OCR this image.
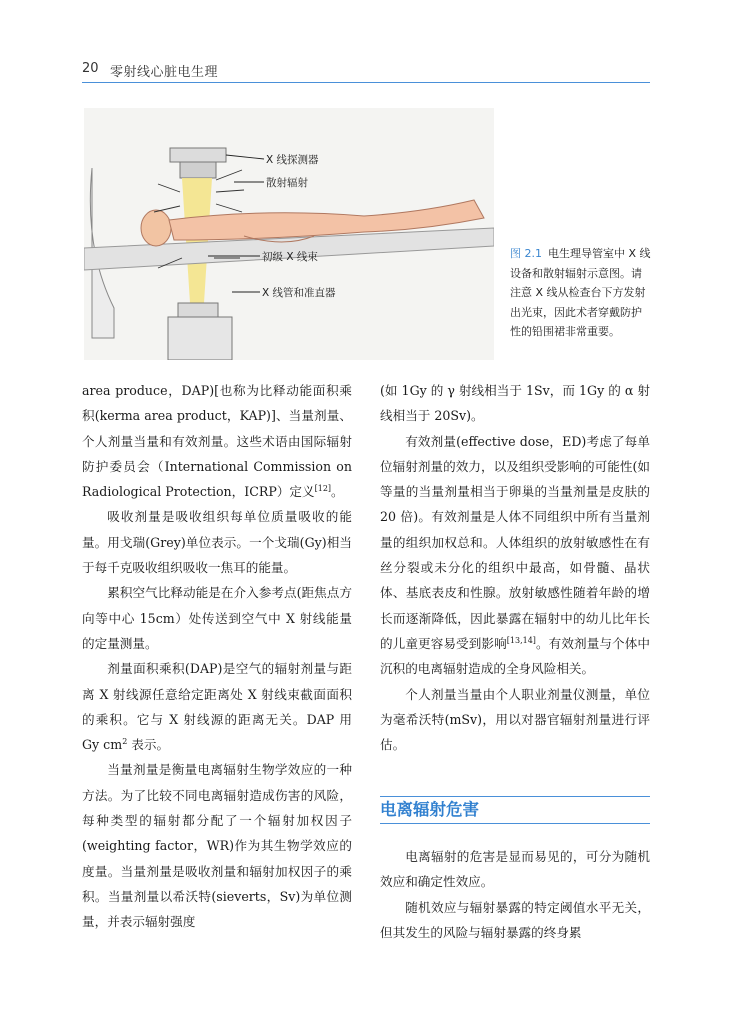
20 零射线心脏电生理
X 线探测器
散射辐射
初级 X 线束
X 线管和准直器
图 2.1 电生理导管室中 X 线设备和散射辐射示意图。请注意 X 线从检查台下方发射出光束，因此术者穿戴防护性的铅围裙非常重要。

area produce，DAP)[也称为比释动能面积乘积(kerma area product，KAP)]、当量剂量、个人剂量当量和有效剂量。这些术语由国际辐射防护委员会（International Commission on Radiological Protection，ICRP）定义[12]。

吸收剂量是吸收组织每单位质量吸收的能量。用戈瑞(Grey)单位表示。一个戈瑞(Gy)相当于每千克吸收组织吸收一焦耳的能量。

累积空气比释动能是在介入参考点(距焦点方向等中心 15cm）处传送到空气中 X 射线能量的定量测量。

剂量面积乘积(DAP)是空气的辐射剂量与距离 X 射线源任意给定距离处 X 射线束截面面积的乘积。它与 X 射线源的距离无关。DAP 用 Gy $cm^2$ 表示。

当量剂量是衡量电离辐射生物学效应的一种方法。为了比较不同电离辐射造成伤害的风险，每种类型的辐射都分配了一个辐射加权因子(weighting factor，WR)作为其生物学效应的度量。当量剂量是吸收剂量和辐射加权因子的乘积。当量剂量以希沃特(sieverts，Sv)为单位测量，并表示辐射强度

(如 1Gy 的 γ 射线相当于 1Sv，而 1Gy 的 α 射线相当于 20Sv)。

有效剂量(effective dose，ED)考虑了每单位辐射剂量的效力，以及组织受影响的可能性(如等量的当量剂量相当于卵巢的当量剂量是皮肤的 20 倍)。有效剂量是人体不同组织中所有当量剂量的组织加权总和。人体组织的放射敏感性在有丝分裂或未分化的组织中最高，如骨髓、晶状体、基底表皮和性腺。放射敏感性随着年龄的增长而逐渐降低，因此暴露在辐射中的幼儿比年长的儿童更容易受到影响[13,14]。有效剂量与个体中沉积的电离辐射造成的全身风险相关。

个人剂量当量由个人职业剂量仪测量，单位为毫希沃特(mSv)，用以对器官辐射剂量进行评估。

电离辐射危害

电离辐射的危害是显而易见的，可分为随机效应和确定性效应。

随机效应与辐射暴露的特定阈值水平无关，但其发生的风险与辐射暴露的终身累
